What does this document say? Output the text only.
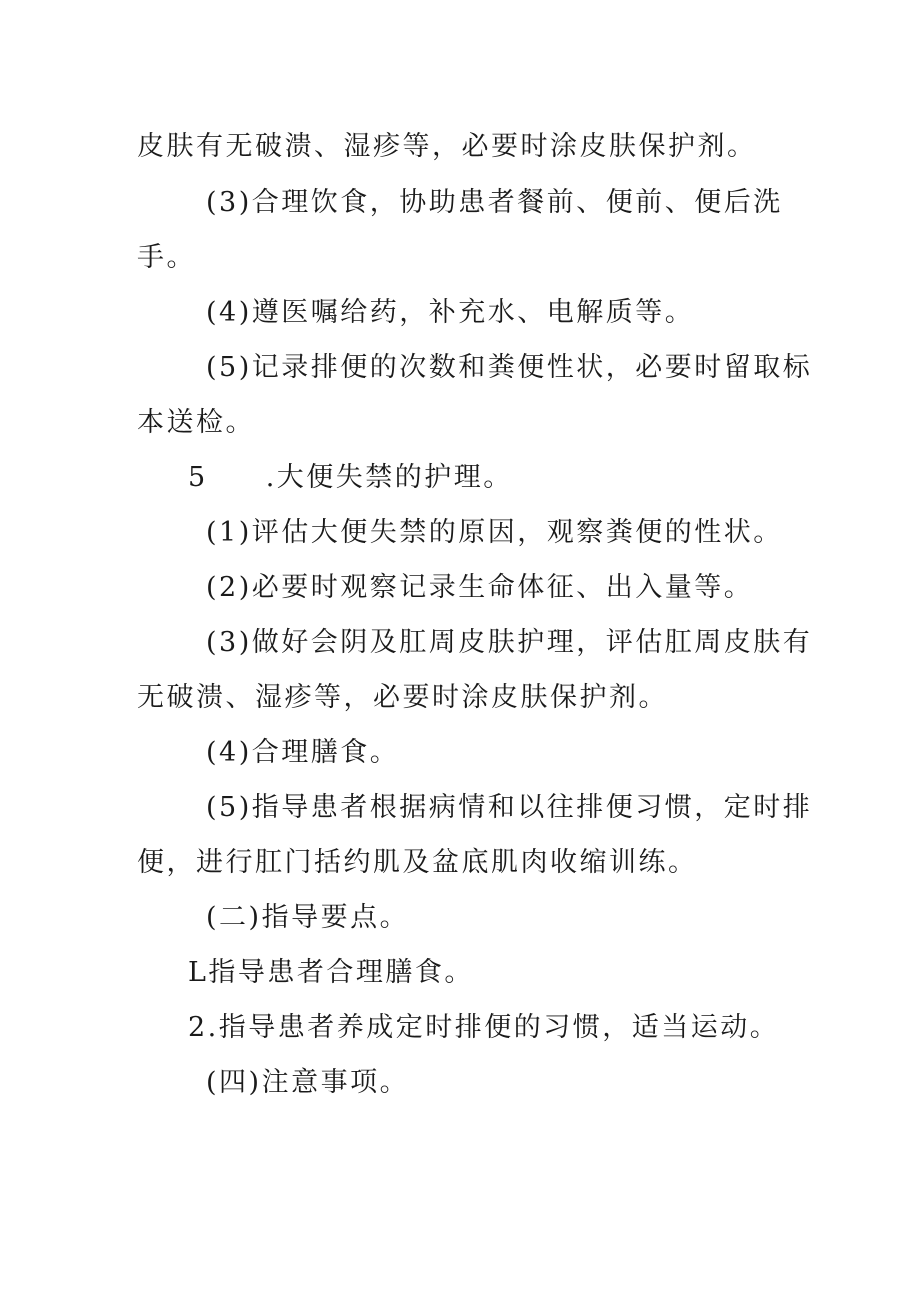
皮肤有无破溃、湿疹等，必要时涂皮肤保护剂。
(3)合理饮食，协助患者餐前、便前、便后洗
手。
(4)遵医嘱给药，补充水、电解质等。
(5)记录排便的次数和粪便性状，必要时留取标
本送检。
5 .大便失禁的护理。
(1)评估大便失禁的原因，观察粪便的性状。
(2)必要时观察记录生命体征、出入量等。
(3)做好会阴及肛周皮肤护理，评估肛周皮肤有
无破溃、湿疹等，必要时涂皮肤保护剂。
(4)合理膳食。
(5)指导患者根据病情和以往排便习惯，定时排
便，进行肛门括约肌及盆底肌肉收缩训练。
(二)指导要点。
L指导患者合理膳食。
2.指导患者养成定时排便的习惯，适当运动。
(四)注意事项。
